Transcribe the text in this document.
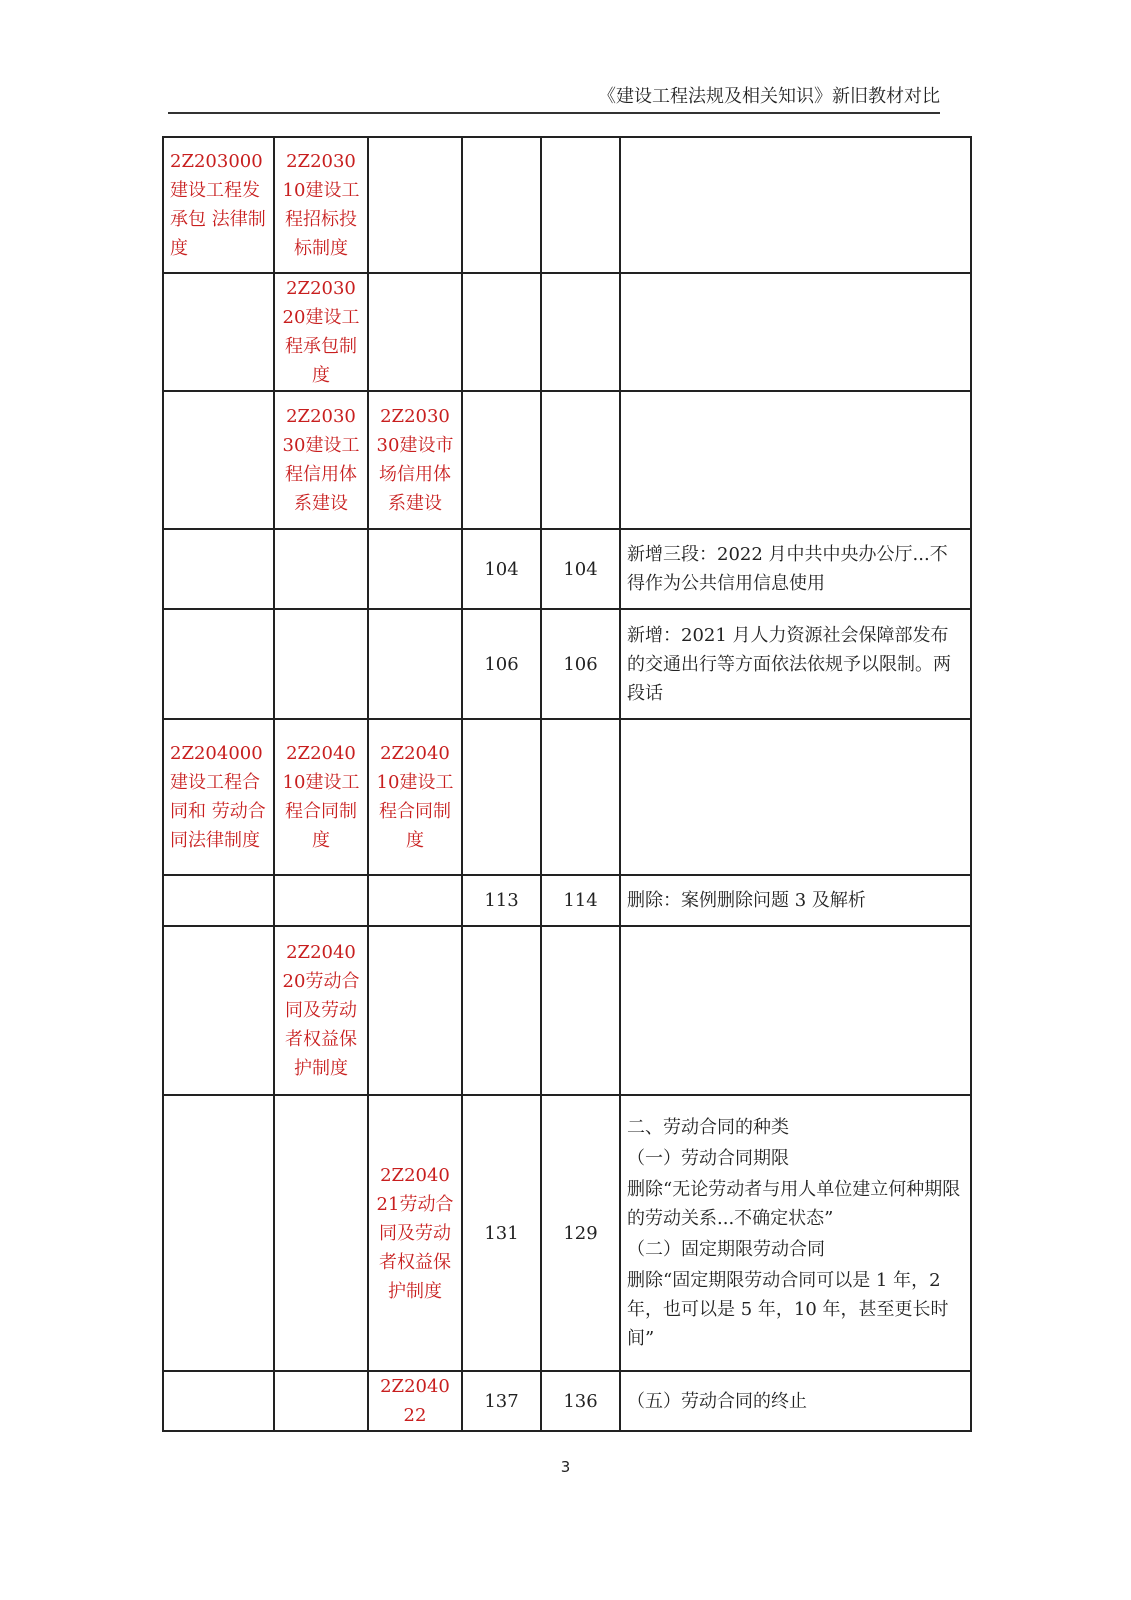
《建设工程法规及相关知识》新旧教材对比
2Z203000建设工程发承包 法律制度	2Z203010建设工程招标投标制度				
	2Z203020建设工程承包制度				
	2Z203030建设工程信用体系建设	2Z203030建设市场信用体系建设			
			104	104	新增三段：2022 月中共中央办公厅...不得作为公共信用信息使用

			106	106	新增：2021 月人力资源社会保障部发布的交通出行等方面依法依规予以限制。两段话

2Z204000建设工程合同和 劳动合同法律制度	2Z204010建设工程合同制度	2Z204010建设工程合同制度			
			113	114	删除：案例删除问题 3 及解析

	2Z204020劳动合同及劳动者权益保护制度				
		2Z204021劳动合同及劳动者权益保护制度	131	129	二、劳动合同的种类
（一）劳动合同期限
删除“无论劳动者与用人单位建立何种期限的劳动关系...不确定状态”
（二）固定期限劳动合同
删除“固定期限劳动合同可以是 1 年，2 年，也可以是 5 年，10 年，甚至更长时间”

		2Z204022	137	136	（五）劳动合同的终止
3
